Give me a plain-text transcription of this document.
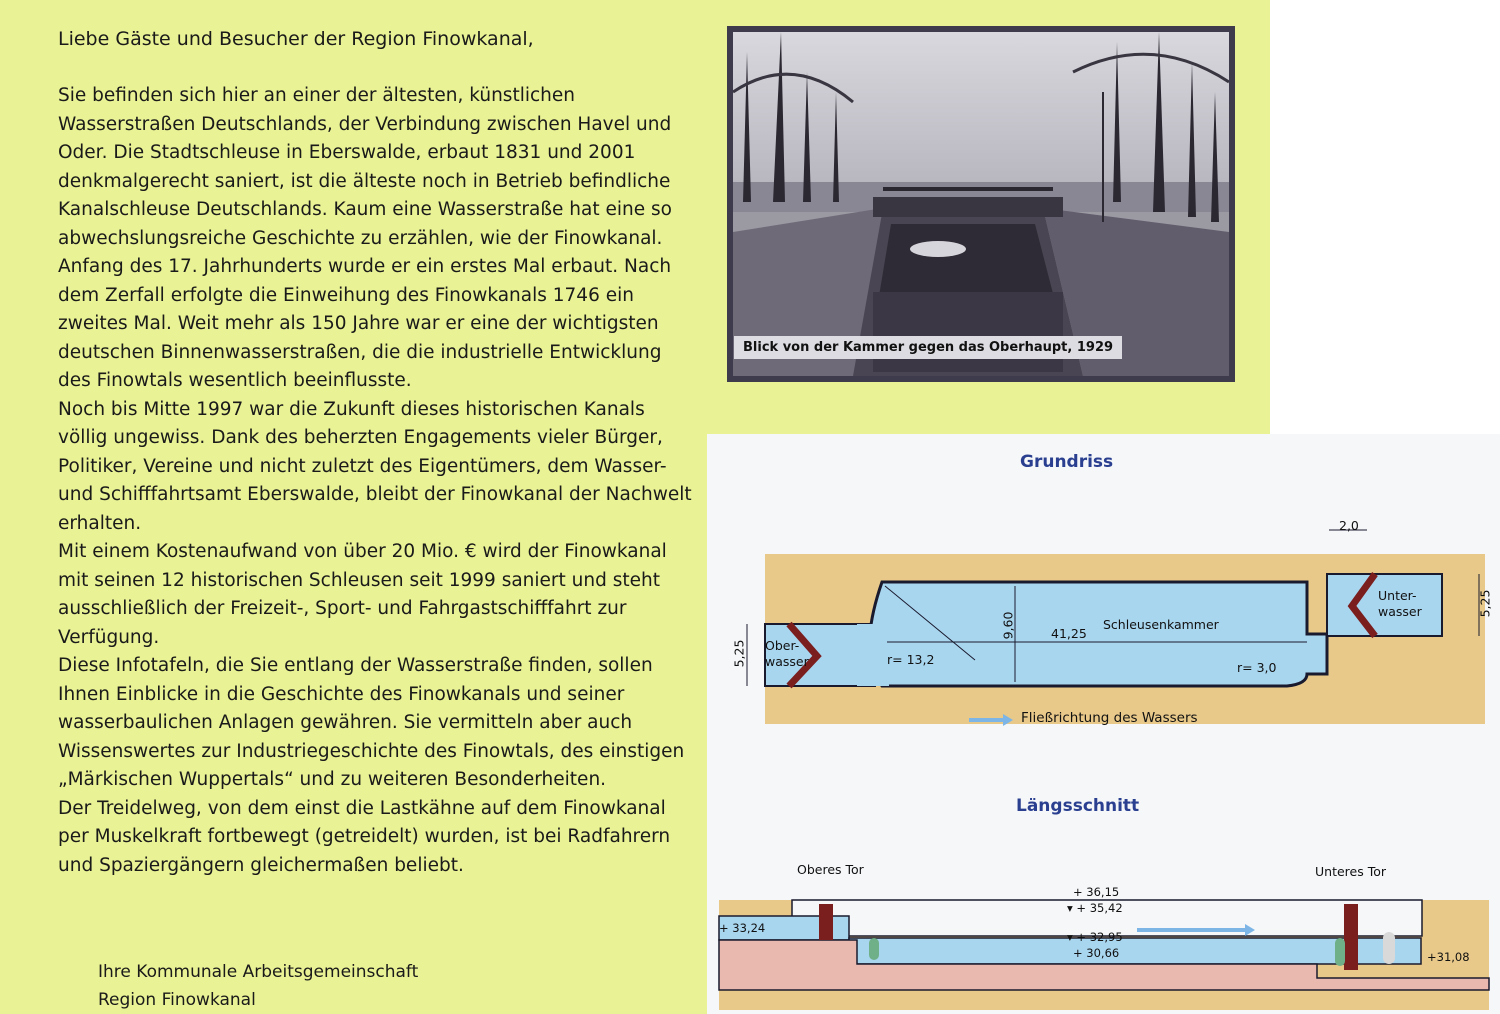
Liebe Gäste und Besucher der Region Finowkanal,

Sie befinden sich hier an einer der ältesten, künstlichen Wasserstraßen Deutschlands, der Verbindung zwischen Havel und Oder. Die Stadtschleuse in Eberswalde, erbaut 1831 und 2001 denkmalgerecht saniert, ist die älteste noch in Betrieb befindliche Kanalschleuse Deutschlands. Kaum eine Wasserstraße hat eine so abwechslungsreiche Geschichte zu erzählen, wie der Finowkanal.

Anfang des 17. Jahrhunderts wurde er ein erstes Mal erbaut. Nach dem Zerfall erfolgte die Einweihung des Finowkanals 1746 ein zweites Mal. Weit mehr als 150 Jahre war er eine der wichtigsten deutschen Binnenwasserstraßen, die die industrielle Entwicklung des Finowtals wesentlich beeinflusste.

Noch bis Mitte 1997 war die Zukunft dieses historischen Kanals völlig ungewiss. Dank des beherzten Engagements vieler Bürger, Politiker, Vereine und nicht zuletzt des Eigentümers, dem Wasser- und Schifffahrtsamt Eberswalde, bleibt der Finowkanal der Nachwelt erhalten.

Mit einem Kostenaufwand von über 20 Mio. € wird der Finowkanal mit seinen 12 historischen Schleusen seit 1999 saniert und steht ausschließlich der Freizeit-, Sport- und Fahrgastschifffahrt zur Verfügung.

Diese Infotafeln, die Sie entlang der Wasserstraße finden, sollen Ihnen Einblicke in die Geschichte des Finowkanals und seiner wasserbaulichen Anlagen gewähren. Sie vermitteln aber auch Wissenswertes zur Industriegeschichte des Finowtals, des einstigen „Märkischen Wuppertals“ und zu weiteren Besonderheiten.

Der Treidelweg, von dem einst die Lastkähne auf dem Finowkanal per Muskelkraft fortbewegt (getreidelt) wurden, ist bei Radfahrern und Spaziergängern gleichermaßen beliebt.

Ihre Kommunale Arbeitsgemeinschaft
Region Finowkanal
Blick von der Kammer gegen das Oberhaupt, 1929
Grundriss
Ober-
wasser
Unter-
wasser
Schleusenkammer
9,60	41,25
r= 13,2
r= 3,0
5,25
5,25
2,0
Fließrichtung des Wassers
Längsschnitt
Oberes Tor	Unteres Tor
+ 36,15
▾ + 35,42
▾ + 32,95
+ 30,66
+ 33,24
+31,08
